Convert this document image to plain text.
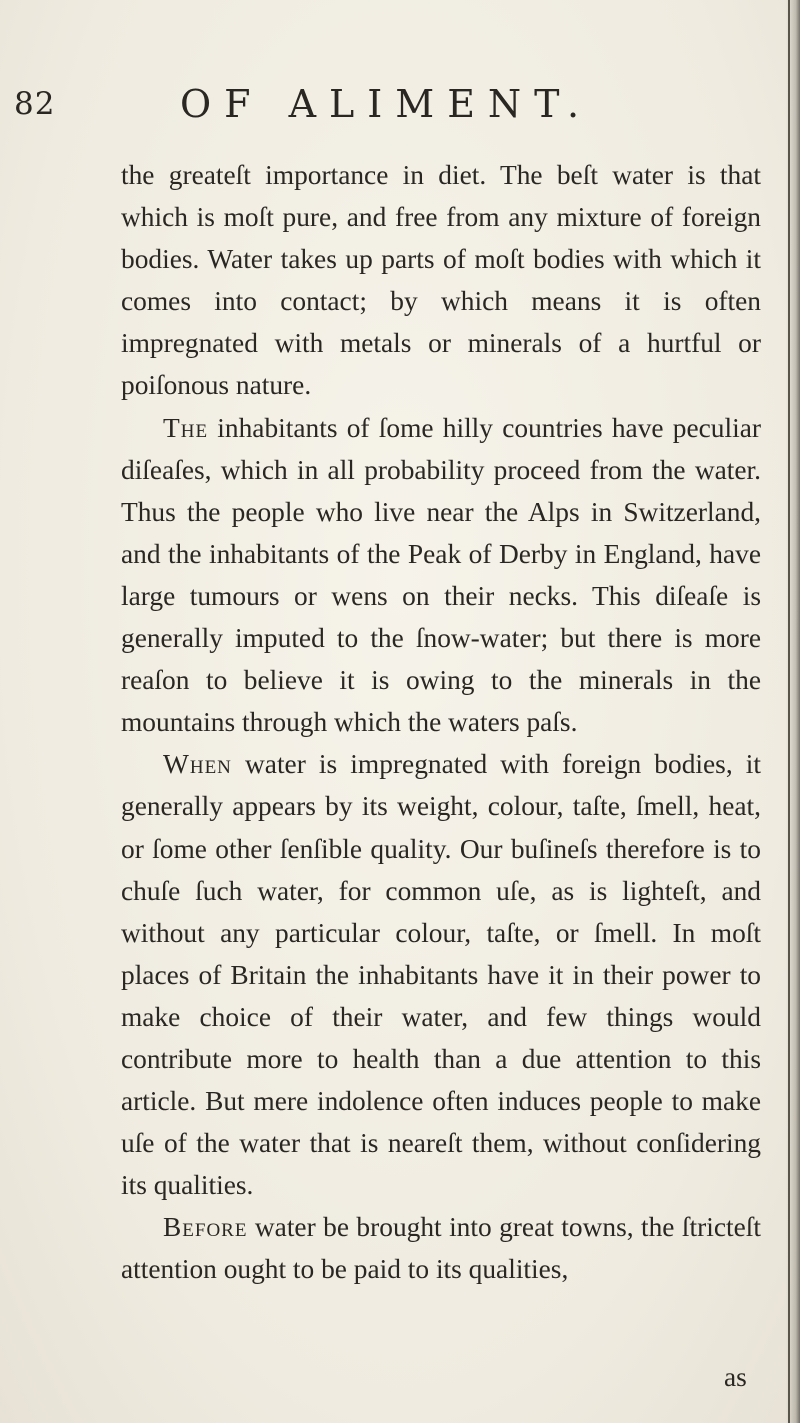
82	OF ALIMENT.

the greateſt importance in diet. The beſt water is that which is moſt pure, and free from any mixture of foreign bodies. Water takes up parts of moſt bodies with which it comes into contact; by which means it is often impregnated with metals or minerals of a hurtful or poiſonous nature.

The inhabitants of ſome hilly countries have peculiar diſeaſes, which in all probability proceed from the water. Thus the people who live near the Alps in Switzerland, and the inhabitants of the Peak of Derby in England, have large tumours or wens on their necks. This diſeaſe is generally imputed to the ſnow-water; but there is more reaſon to believe it is owing to the minerals in the mountains through which the waters paſs.

When water is impregnated with foreign bodies, it generally appears by its weight, colour, taſte, ſmell, heat, or ſome other ſenſible quality. Our buſineſs therefore is to chuſe ſuch water, for common uſe, as is lighteſt, and without any particular colour, taſte, or ſmell. In moſt places of Britain the inhabitants have it in their power to make choice of their water, and few things would contribute more to health than a due attention to this article. But mere indolence often induces people to make uſe of the water that is neareſt them, without conſidering its qualities.

Before water be brought into great towns, the ſtricteſt attention ought to be paid to its qualities,

as
